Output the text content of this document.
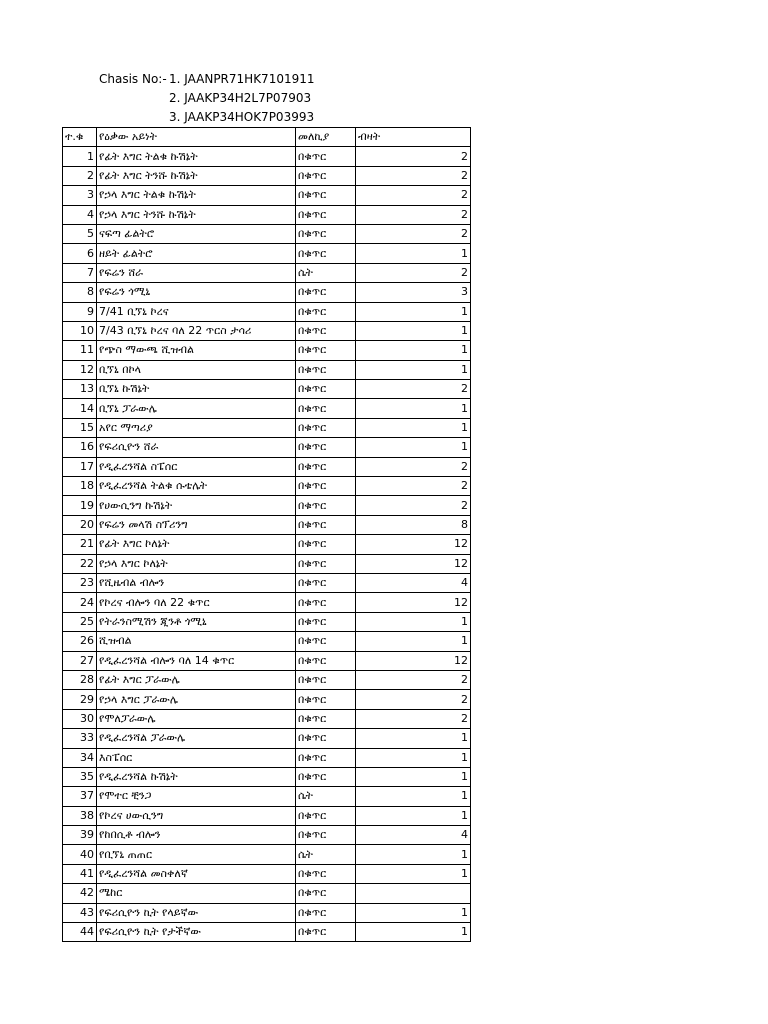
Chasis No:- 1. JAANPR71HK7101911
2. JAAKP34H2L7P07903
3. JAAKP34HOK7P03993
ተ.ቁ	የዕቃው አይነት	መለኪያ	ብዛት
1	የፊት እግር ትልቁ ኩሽኔት	በቁጥር	2
2	የፊት እግር ትንሹ ኩሽኔት	በቁጥር	2
3	የኃላ እግር ትልቁ ኩሽኔት	በቁጥር	2
4	የኃላ እግር ትንሹ ኩሽኔት	በቁጥር	2
5	ናፍጣ ፊልትሮ	በቁጥር	2
6	ዘይት ፊልትሮ	በቁጥር	1
7	የፍሬን ሸራ	ሴት	2
8	የፍሬን ጎሚኒ	በቁጥር	3
9	7/41 ቢኘኒ ኮረና	በቁጥር	1
10	7/43 ቢኘኒ ኮረና ባለ 22 ጥርስ ታሳሪ	በቁጥር	1
11	የጭስ ማውጫ ሺዝብል	በቁጥር	1
12	ቢኘኒ በኮላ	በቁጥር	1
13	ቢኘኒ ኩሽኔት	በቁጥር	2
14	ቢኘኒ ፓራውሌ	በቁጥር	1
15	አየር ማጣሪያ	በቁጥር	1
16	የፍሪሲዮን ሸራ	በቁጥር	1
17	የዲፈረንሻል ስፔሰር	በቁጥር	2
18	የዲፈረንሻል ትልቁ ሱቴሌት	በቁጥር	2
19	የሀውሲንግ ኩሽኔት	በቁጥር	2
20	የፍሬን መላሽ ስፕሪንግ	በቁጥር	8
21	የፊት እግር ኮለኔት	በቁጥር	12
22	የኃላ እግር ኮለኔት	በቁጥር	12
23	የሺዜብል ብሎን	በቁጥር	4
24	የኮረና ብሎን ባለ 22 ቁጥር	በቁጥር	12
25	የትራንስሚሽን ጂንቶ ጎሚኒ	በቁጥር	1
26	ሺዝብል	በቁጥር	1
27	የዲፈረንሻል ብሎን ባለ 14 ቁጥር	በቁጥር	12
28	የፊት እግር ፓራውሌ	በቁጥር	2
29	የኃላ እግር ፓራውሌ	በቁጥር	2
30	የሞለፓራውሌ	በቁጥር	2
33	የዲፈረንሻል ፓራውሌ	በቁጥር	1
34	እስፔሰር	በቁጥር	1
35	የዲፈረንሻል ኩሽኔት	በቁጥር	1
37	የሞተር ቺንጋ	ሴት	1
38	የኮረና ሀውሲንግ	በቁጥር	1
39	የከበሲቶ ብሎን	በቁጥር	4
40	የቢኘኒ ጠጠር	ሴት	1
41	የዲፈረንሻል መስቀለኛ	በቁጥር	1
42	ሜከር	በቁጥር	
43	የፍሪሲዮን ኪት የላይኛው	በቁጥር	1
44	የፍሪሲዮን ኪት የታችኛው	በቁጥር	1
